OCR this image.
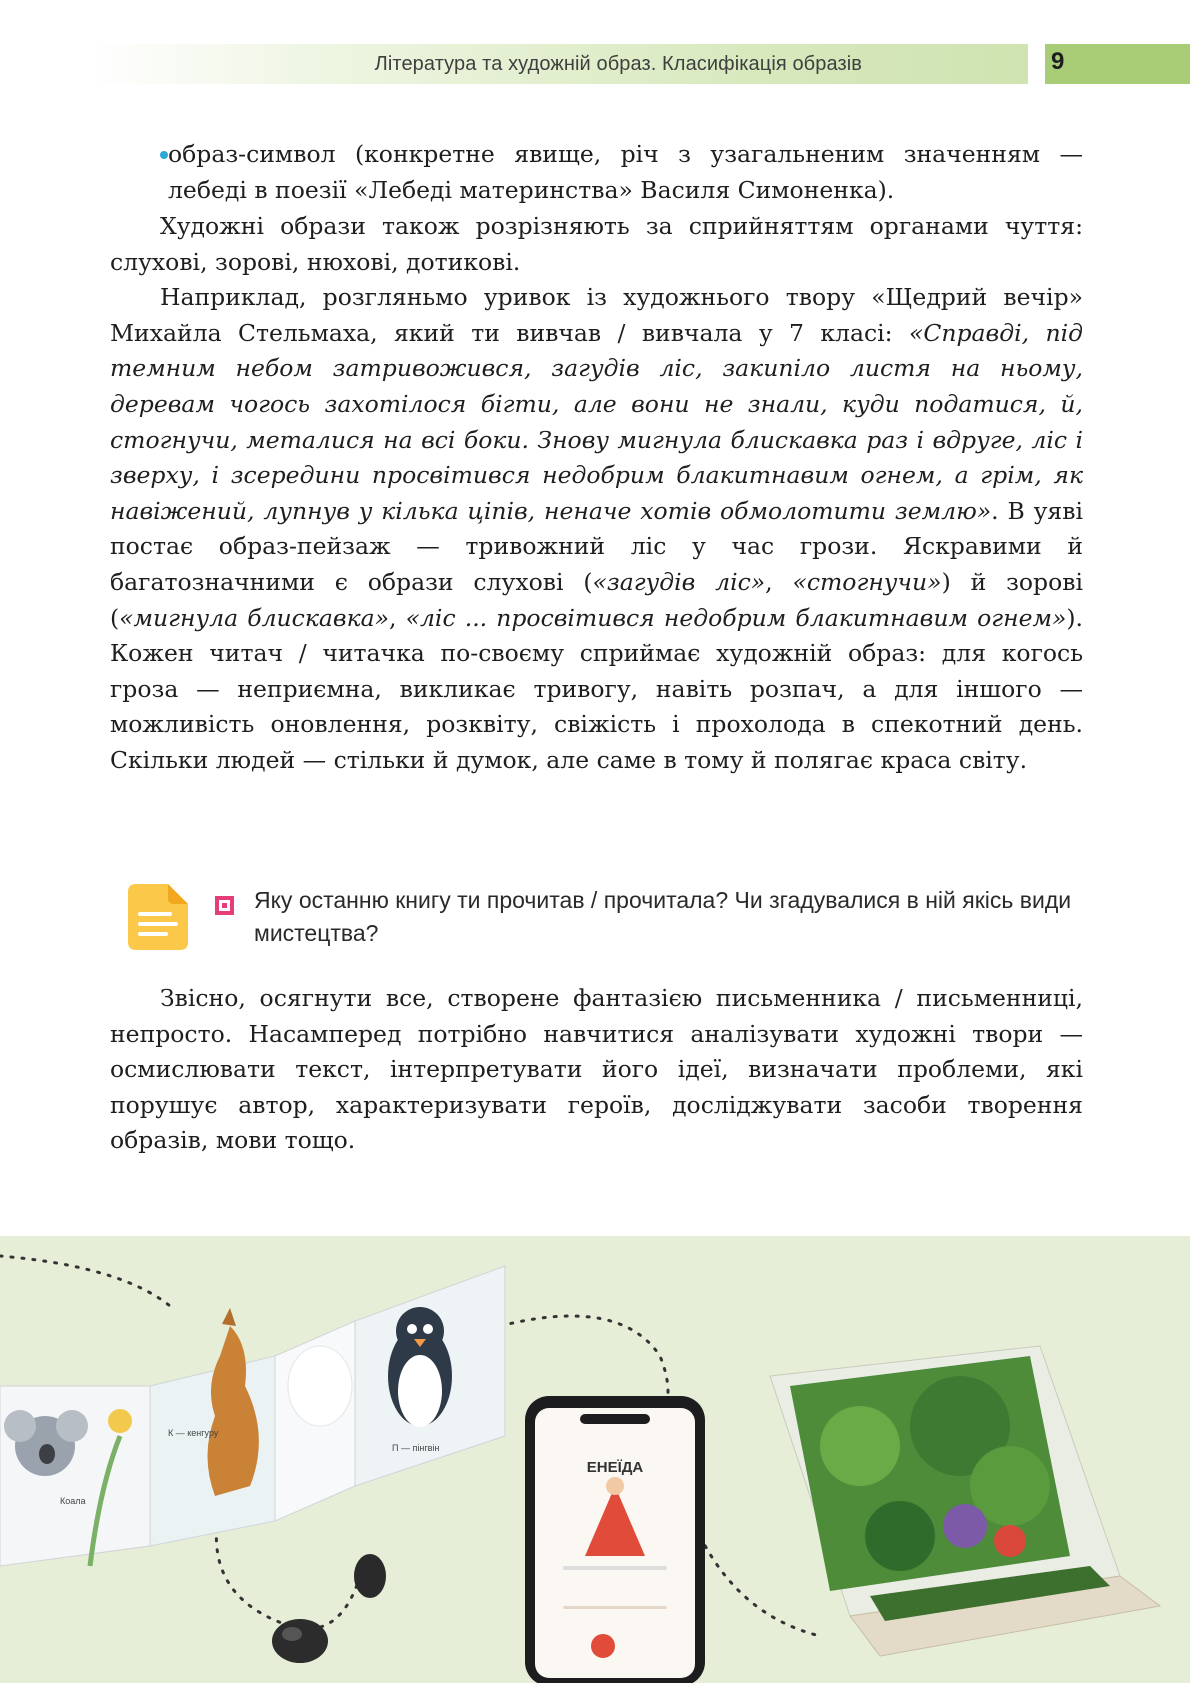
Література та художній образ. Класифікація образів	9
образ-символ (конкретне явище, річ з узагальненим значенням — лебеді в поезії «Лебеді материнства» Василя Симоненка).

Художні образи також розрізняють за сприйняттям органами чуття: слухові, зорові, нюхові, дотикові.

Наприклад, розгляньмо уривок із художнього твору «Щедрий вечір» Михайла Стельмаха, який ти вивчав / вивчала у 7 класі: «Справді, під темним небом затривожився, загудів ліс, закипіло листя на ньому, деревам чогось захотілося бігти, але вони не знали, куди податися, й, стогнучи, металися на всі боки. Знову мигнула блискавка раз і вдруге, ліс і зверху, і зсередини просвітився недобрим блакитнавим огнем, а грім, як навіжений, лупнув у кілька ціпів, неначе хотів обмолотити землю». В уяві постає образ-пейзаж — тривожний ліс у час грози. Яскравими й багатозначними є образи слухові («загудів ліс», «стогнучи») й зорові («мигнула блискавка», «ліс ... просвітився недобрим блакитнавим огнем»). Кожен читач / читачка по-своєму сприймає художній образ: для когось гроза — неприємна, викликає тривогу, навіть розпач, а для іншого — можливість оновлення, розквіту, свіжість і прохолода в спекотний день. Скільки людей — стільки й думок, але саме в тому й полягає краса світу.

Яку останню книгу ти прочитав / прочитала? Чи згадувалися в ній якісь види мистецтва?

Звісно, осягнути все, створене фантазією письменника / письменниці, непросто. Насамперед потрібно навчитися аналізувати художні твори — осмислювати текст, інтерпретувати його ідеї, визначати проблеми, які порушує автор, характеризувати героїв, досліджувати засоби творення образів, мови тощо.

К — кенгуру
П — пінгвін
Коала
ЕНЕЇДА
